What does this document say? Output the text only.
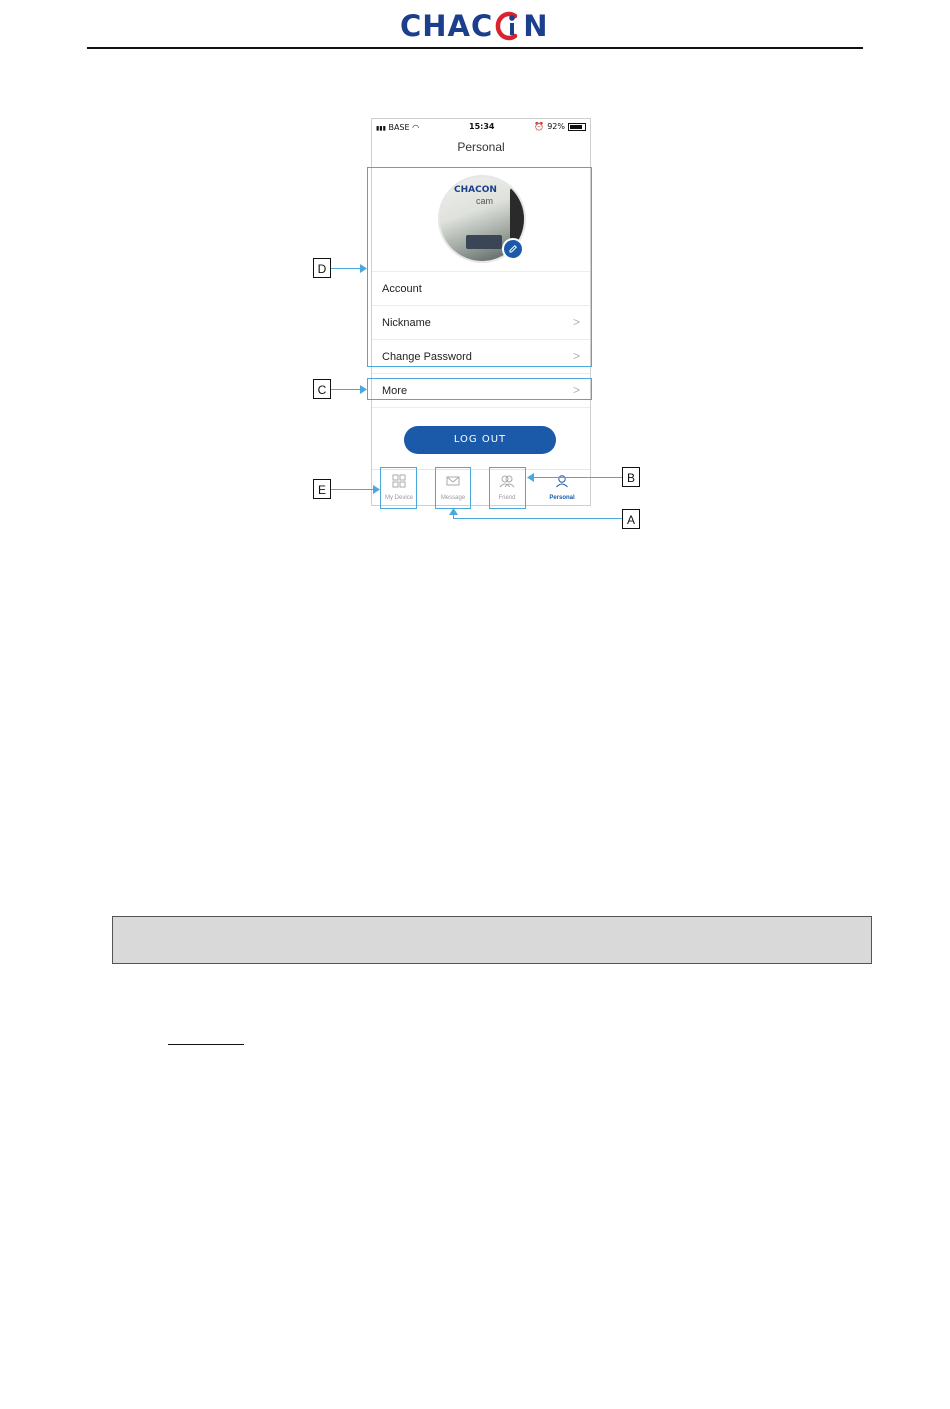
CHAC N
▮▮▮ BASE ◠	15:34	⏰ 92%
Personal
CHACON
cam
Account
Nickname	>
Change Password	>
More	>
LOG OUT
My Device	Message	Friend	Personal
D
C
E
B
A
